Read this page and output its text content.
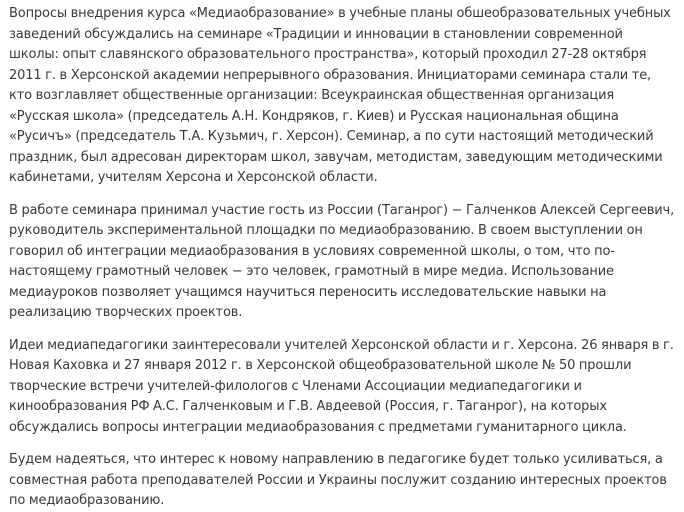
Вопросы внедрения курса «Медиаобразование» в учебные планы обшеобразовательных учебных заведений обсуждались на семинаре «Традиции и инновации в становлении современной школы: опыт славянского образовательного пространства», который проходил 27-28 октября 2011 г. в Херсонской академии непрерывного образования. Инициаторами семинара стали те, кто возглавляет общественные организации: Всеукраинская общественная организация «Русская школа» (председатель А.Н. Кондряков, г. Киев) и Русская национальная община «Русичъ» (председатель Т.А. Кузьмич, г. Херсон). Семинар, а по сути настоящий методический праздник, был адресован директорам школ, завучам, методистам, заведующим методическими кабинетами, учителям Херсона и Херсонской области.

В работе семинара принимал участие гость из России (Таганрог) − Галченков Алексей Сергеевич, руководитель экспериментальной площадки по медиаобразованию. В своем выступлении он говорил об интеграции медиаобразования в условиях современной школы, о том, что по-настоящему грамотный человек − это человек, грамотный в мире медиа. Использование медиауроков позволяет учащимся научиться переносить исследовательские навыки на реализацию творческих проектов.

Идеи медиапедагогики заинтересовали учителей Херсонской области и г. Херсона. 26 января в г. Новая Каховка и 27 января 2012 г. в Херсонской общеобразовательной школе № 50 прошли творческие встречи учителей-филологов с Членами Ассоциации медиапедагогики и кинообразования РФ А.С. Галченковым и Г.В. Авдеевой (Россия, г. Таганрог), на которых обсуждались вопросы интеграции медиаобразования с предметами гуманитарного цикла.

Будем надеяться, что интерес к новому направлению в педагогике будет только усиливаться, а совместная работа преподавателей России и Украины послужит созданию интересных проектов по медиаобразованию.
